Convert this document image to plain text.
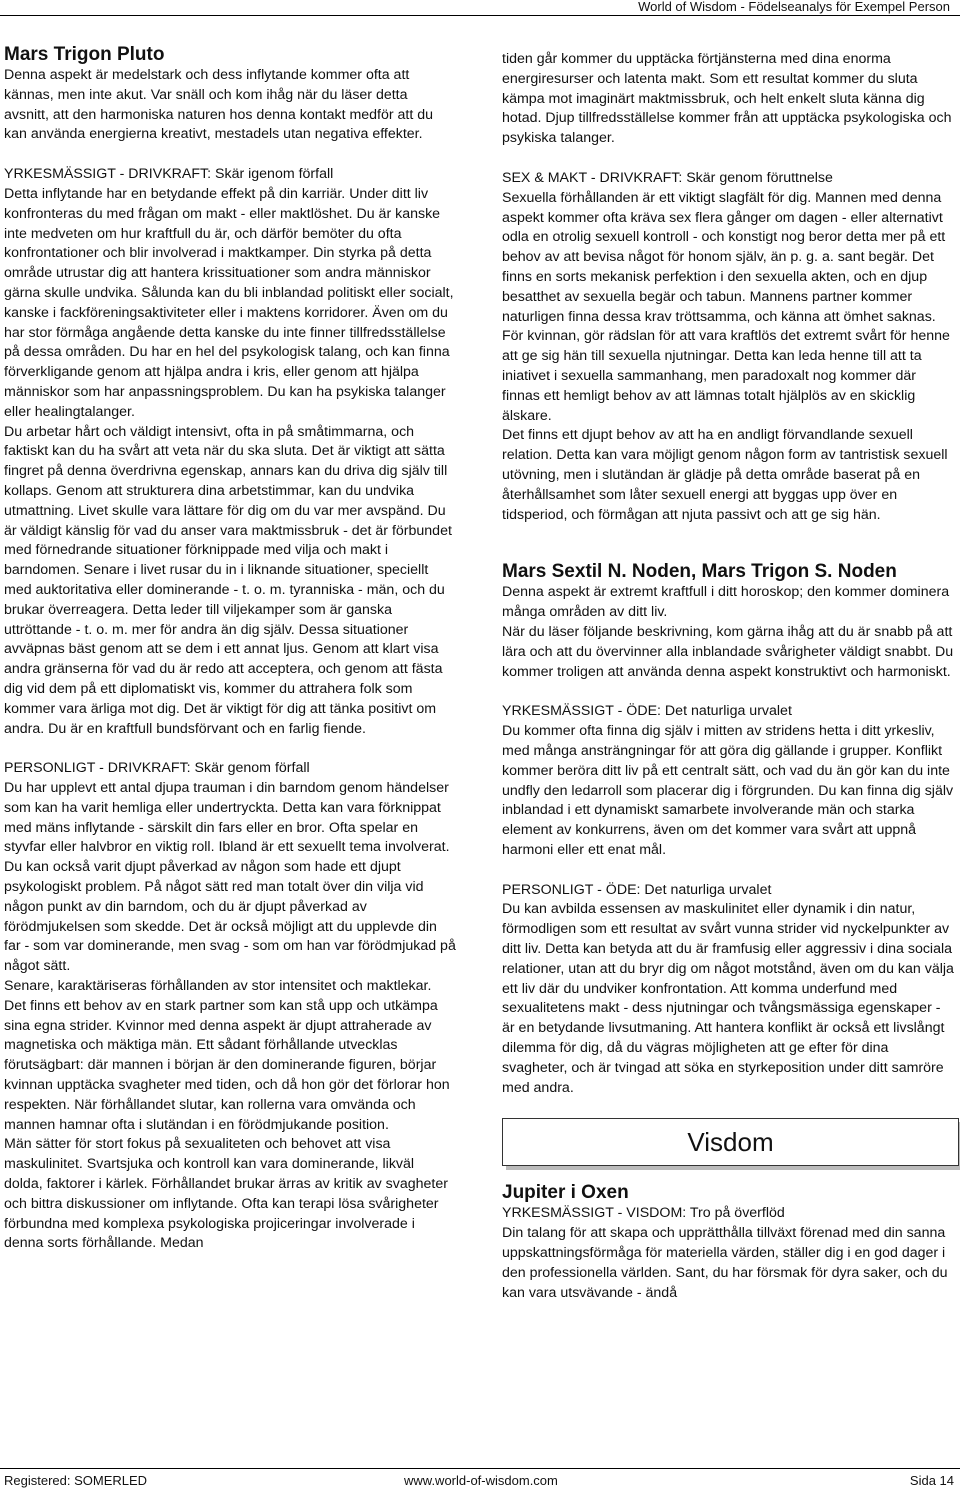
World of Wisdom - Födelseanalys för Exempel Person

Mars Trigon Pluto

Denna aspekt är medelstark och dess inflytande kommer ofta att kännas, men inte akut. Var snäll och kom ihåg när du läser detta avsnitt, att den harmoniska naturen hos denna kontakt medför att du kan använda energierna kreativt, mestadels utan negativa effekter.

YRKESMÄSSIGT - DRIVKRAFT: Skär igenom förfall

Detta inflytande har en betydande effekt på din karriär. Under ditt liv konfronteras du med frågan om makt - eller maktlöshet. Du är kanske inte medveten om hur kraftfull du är, och därför bemöter du ofta konfrontationer och blir involverad i maktkamper. Din styrka på detta område utrustar dig att hantera krissituationer som andra människor gärna skulle undvika. Sålunda kan du bli inblandad politiskt eller socialt, kanske i fackföreningsaktiviteter eller i maktens korridorer. Även om du har stor förmåga angående detta kanske du inte finner tillfredsställelse på dessa områden. Du har en hel del psykologisk talang, och kan finna förverkligande genom att hjälpa andra i kris, eller genom att hjälpa människor som har anpassningsproblem. Du kan ha psykiska talanger eller healingtalanger.

Du arbetar hårt och väldigt intensivt, ofta in på småtimmarna, och faktiskt kan du ha svårt att veta när du ska sluta. Det är viktigt att sätta fingret på denna överdrivna egenskap, annars kan du driva dig själv till kollaps. Genom att strukturera dina arbetstimmar, kan du undvika utmattning. Livet skulle vara lättare för dig om du var mer avspänd. Du är väldigt känslig för vad du anser vara maktmissbruk - det är förbundet med förnedrande situationer förknippade med vilja och makt i barndomen. Senare i livet rusar du in i liknande situationer, speciellt med auktoritativa eller dominerande - t. o. m. tyranniska - män, och du brukar överreagera. Detta leder till viljekamper som är ganska uttröttande - t. o. m. mer för andra än dig själv. Dessa situationer avväpnas bäst genom att se dem i ett annat ljus. Genom att klart visa andra gränserna för vad du är redo att acceptera, och genom att fästa dig vid dem på ett diplomatiskt vis, kommer du attrahera folk som kommer vara ärliga mot dig. Det är viktigt för dig att tänka positivt om andra. Du är en kraftfull bundsförvant och en farlig fiende.

PERSONLIGT - DRIVKRAFT: Skär genom förfall

Du har upplevt ett antal djupa trauman i din barndom genom händelser som kan ha varit hemliga eller undertryckta. Detta kan vara förknippat med mäns inflytande - särskilt din fars eller en bror. Ofta spelar en styvfar eller halvbror en viktig roll. Ibland är ett sexuellt tema involverat. Du kan också varit djupt påverkad av någon som hade ett djupt psykologiskt problem. På något sätt red man totalt över din vilja vid någon punkt av din barndom, och du är djupt påverkad av förödmjukelsen som skedde. Det är också möjligt att du upplevde din far - som var dominerande, men svag - som om han var förödmjukad på något sätt.

Senare, karaktäriseras förhållanden av stor intensitet och maktlekar. Det finns ett behov av en stark partner som kan stå upp och utkämpa sina egna strider. Kvinnor med denna aspekt är djupt attraherade av magnetiska och mäktiga män. Ett sådant förhållande utvecklas förutsägbart: där mannen i början är den dominerande figuren, börjar kvinnan upptäcka svagheter med tiden, och då hon gör det förlorar hon respekten. När förhållandet slutar, kan rollerna vara omvända och mannen hamnar ofta i slutändan i en förödmjukande position.

Män sätter för stort fokus på sexualiteten och behovet att visa maskulinitet. Svartsjuka och kontroll kan vara dominerande, likväl dolda, faktorer i kärlek. Förhållandet brukar ärras av kritik av svagheter och bittra diskussioner om inflytande. Ofta kan terapi lösa svårigheter förbundna med komplexa psykologiska projiceringar involverade i denna sorts förhållande. Medan

tiden går kommer du upptäcka förtjänsterna med dina enorma energiresurser och latenta makt. Som ett resultat kommer du sluta kämpa mot imaginärt maktmissbruk, och helt enkelt sluta känna dig hotad. Djup tillfredsställelse kommer från att upptäcka psykologiska och psykiska talanger.

SEX & MAKT - DRIVKRAFT: Skär genom föruttnelse

Sexuella förhållanden är ett viktigt slagfält för dig. Mannen med denna aspekt kommer ofta kräva sex flera gånger om dagen - eller alternativt odla en otrolig sexuell kontroll - och konstigt nog beror detta mer på ett behov av att bevisa något för honom själv, än p. g. a. sant begär. Det finns en sorts mekanisk perfektion i den sexuella akten, och en djup besatthet av sexuella begär och tabun. Mannens partner kommer naturligen finna dessa krav tröttsamma, och känna att ömhet saknas.

För kvinnan, gör rädslan för att vara kraftlös det extremt svårt för henne att ge sig hän till sexuella njutningar. Detta kan leda henne till att ta iniativet i sexuella sammanhang, men paradoxalt nog kommer där finnas ett hemligt behov av att lämnas totalt hjälplös av en skicklig älskare.

Det finns ett djupt behov av att ha en andligt förvandlande sexuell relation. Detta kan vara möjligt genom någon form av tantristisk sexuell utövning, men i slutändan är glädje på detta område baserat på en återhållsamhet som låter sexuell energi att byggas upp över en tidsperiod, och förmågan att njuta passivt och att ge sig hän.

Mars Sextil N. Noden, Mars Trigon S. Noden

Denna aspekt är extremt kraftfull i ditt horoskop; den kommer dominera många områden av ditt liv.

När du läser följande beskrivning, kom gärna ihåg att du är snabb på att lära och att du övervinner alla inblandade svårigheter väldigt snabbt. Du kommer troligen att använda denna aspekt konstruktivt och harmoniskt.

YRKESMÄSSIGT - ÖDE: Det naturliga urvalet

Du kommer ofta finna dig själv i mitten av stridens hetta i ditt yrkesliv, med många ansträngningar för att göra dig gällande i grupper. Konflikt kommer beröra ditt liv på ett centralt sätt, och vad du än gör kan du inte undfly den ledarroll som placerar dig i förgrunden. Du kan finna dig själv inblandad i ett dynamiskt samarbete involverande män och starka element av konkurrens, även om det kommer vara svårt att uppnå harmoni eller ett enat mål.

PERSONLIGT - ÖDE: Det naturliga urvalet

Du kan avbilda essensen av maskulinitet eller dynamik i din natur, förmodligen som ett resultat av svårt vunna strider vid nyckelpunkter av ditt liv. Detta kan betyda att du är framfusig eller aggressiv i dina sociala relationer, utan att du bryr dig om något motstånd, även om du kan välja ett liv där du undviker konfrontation. Att komma underfund med sexualitetens makt - dess njutningar och tvångsmässiga egenskaper - är en betydande livsutmaning. Att hantera konflikt är också ett livslångt dilemma för dig, då du vägras möjligheten att ge efter för dina svagheter, och är tvingad att söka en styrkeposition under ditt samröre med andra.

Visdom

Jupiter i Oxen

YRKESMÄSSIGT - VISDOM: Tro på överflöd

Din talang för att skapa och upprätthålla tillväxt förenad med din sanna uppskattningsförmåga för materiella värden, ställer dig i en god dager i den professionella världen. Sant, du har försmak för dyra saker, och du kan vara utsvävande - ändå

Registered: SOMERLED	www.world-of-wisdom.com	Sida 14
